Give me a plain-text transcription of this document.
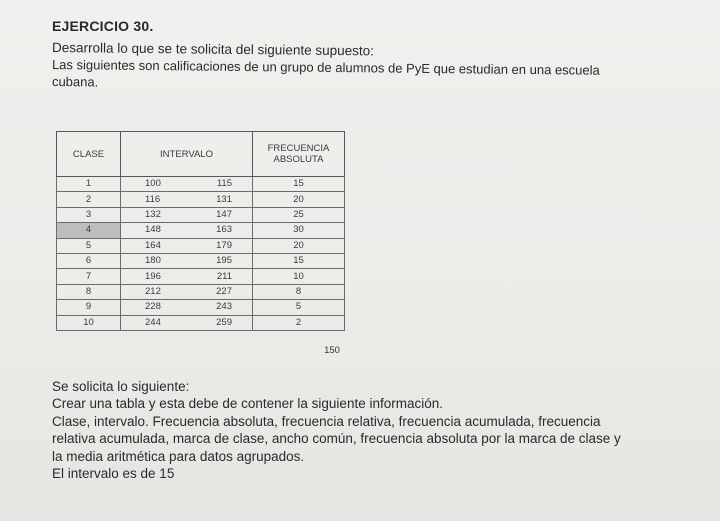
EJERCICIO 30.

Desarrolla lo que se te solicita del siguiente supuesto:

Las siguientes son calificaciones de un grupo de alumnos de PyE que estudian en una escuela

cubana.

CLASE	INTERVALO		FRECUENCIA
ABSOLUTA
1	100	115	15
2	116	131	20
3	132	147	25
4	148	163	30
5	164	179	20
6	180	195	15
7	196	211	10
8	212	227	8
9	228	243	5
10	244	259	2
150

Se solicita lo siguiente:

Crear una tabla y esta debe de contener la siguiente información.

Clase, intervalo. Frecuencia absoluta, frecuencia relativa, frecuencia acumulada, frecuencia

relativa acumulada, marca de clase, ancho común, frecuencia absoluta por la marca de clase y

la media aritmética para datos agrupados.

El intervalo es de 15
